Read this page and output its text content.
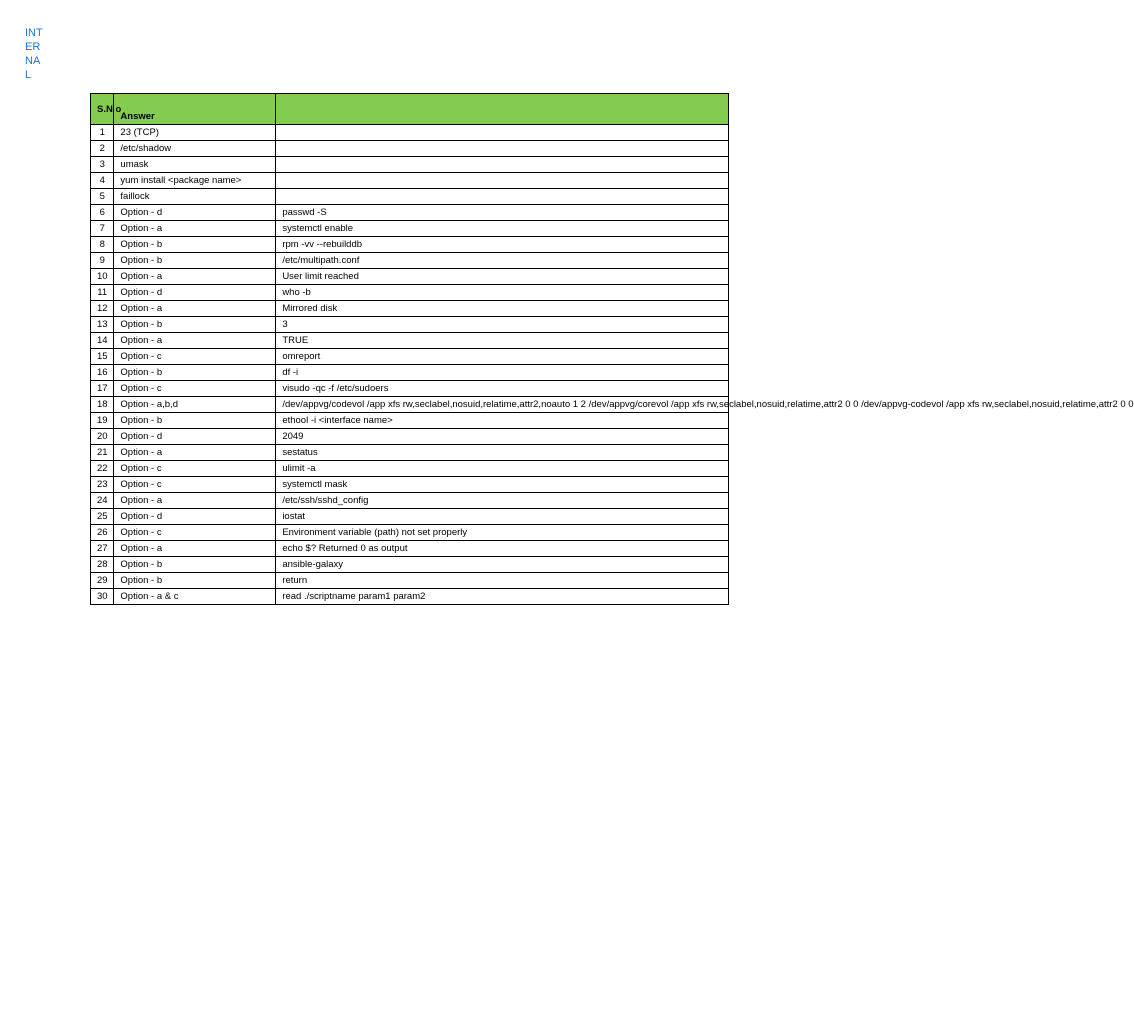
INT
ER
NA
L
S.N o	Answer	
1	23 (TCP)	
2	/etc/shadow	
3	umask	
4	yum install <package name>	
5	faillock	
6	Option - d	passwd -S
7	Option - a	systemctl enable
8	Option - b	rpm -vv --rebuilddb
9	Option - b	/etc/multipath.conf
10	Option - a	User limit reached
11	Option - d	who -b
12	Option - a	Mirrored disk
13	Option - b	3
14	Option - a	TRUE
15	Option - c	omreport
16	Option - b	df -i
17	Option - c	visudo -qc -f /etc/sudoers
18	Option - a,b,d	/dev/appvg/codevol /app xfs rw,seclabel,nosuid,relatime,attr2,noauto 1 2 /dev/appvg/corevol /app xfs rw,seclabel,nosuid,relatime,attr2 0 0 /dev/appvg-codevol /app xfs rw,seclabel,nosuid,relatime,attr2 0 0
19	Option - b	ethool -i <interface name>
20	Option - d	2049
21	Option - a	sestatus
22	Option - c	ulimit -a
23	Option - c	systemctl mask
24	Option - a	/etc/ssh/sshd_config
25	Option - d	iostat
26	Option - c	Environment variable (path) not set properly
27	Option - a	echo $? Returned 0 as output
28	Option - b	ansible-galaxy
29	Option - b	return
30	Option - a & c	read ./scriptname param1 param2
